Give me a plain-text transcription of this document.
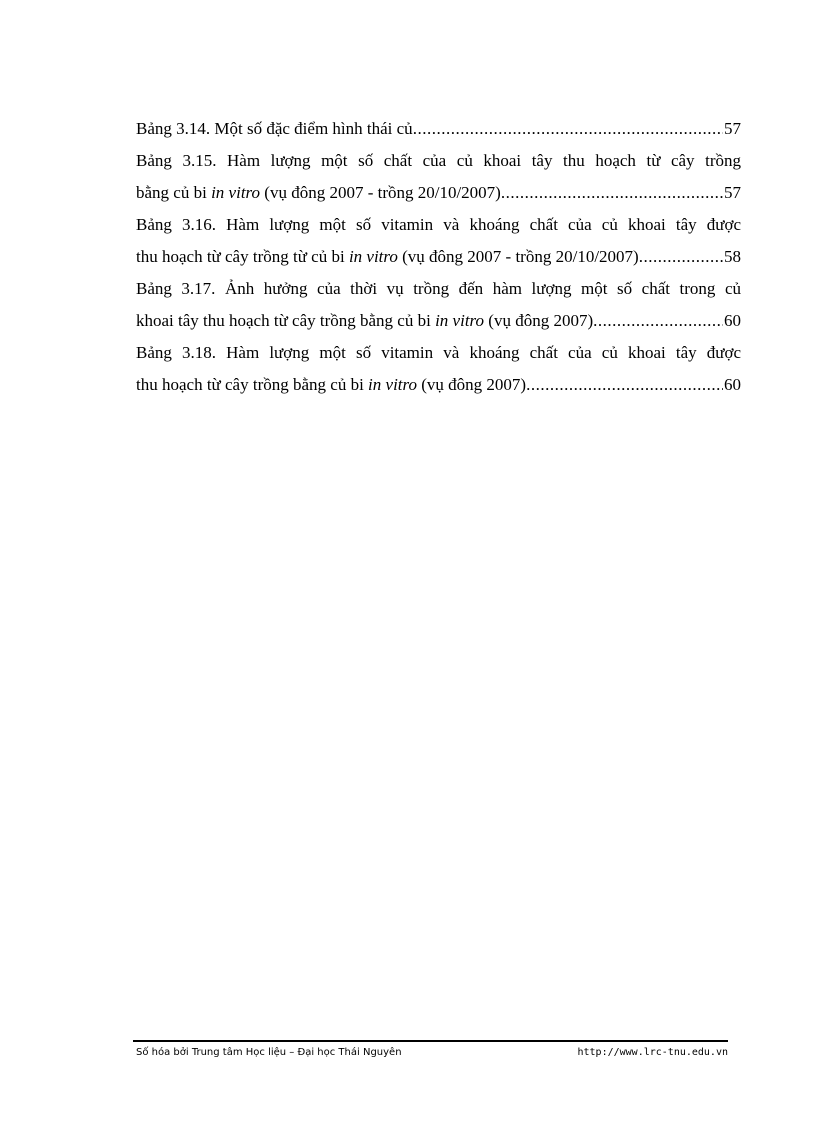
Bảng 3.14. Một số đặc điểm hình thái củ .....	57
Bảng 3.15. Hàm lượng một số chất của củ khoai tây thu hoạch từ cây trồng
bằng củ bi in vitro (vụ đông 2007 - trồng 20/10/2007) .....	57
Bảng 3.16. Hàm lượng một số vitamin và khoáng chất của củ khoai tây được
thu hoạch từ cây trồng từ củ bi in vitro (vụ đông 2007 - trồng 20/10/2007) .....	58
Bảng 3.17. Ảnh hưởng của thời vụ trồng đến hàm lượng một số chất trong củ
khoai tây thu hoạch từ cây trồng bằng củ bi in vitro (vụ đông 2007) .....	60
Bảng 3.18. Hàm lượng một số vitamin và khoáng chất của củ khoai tây được
thu hoạch từ cây trồng bằng củ bi in vitro (vụ đông 2007) .....	60
Số hóa bởi Trung tâm Học liệu – Đại học Thái Nguyên	http://www.lrc-tnu.edu.vn
